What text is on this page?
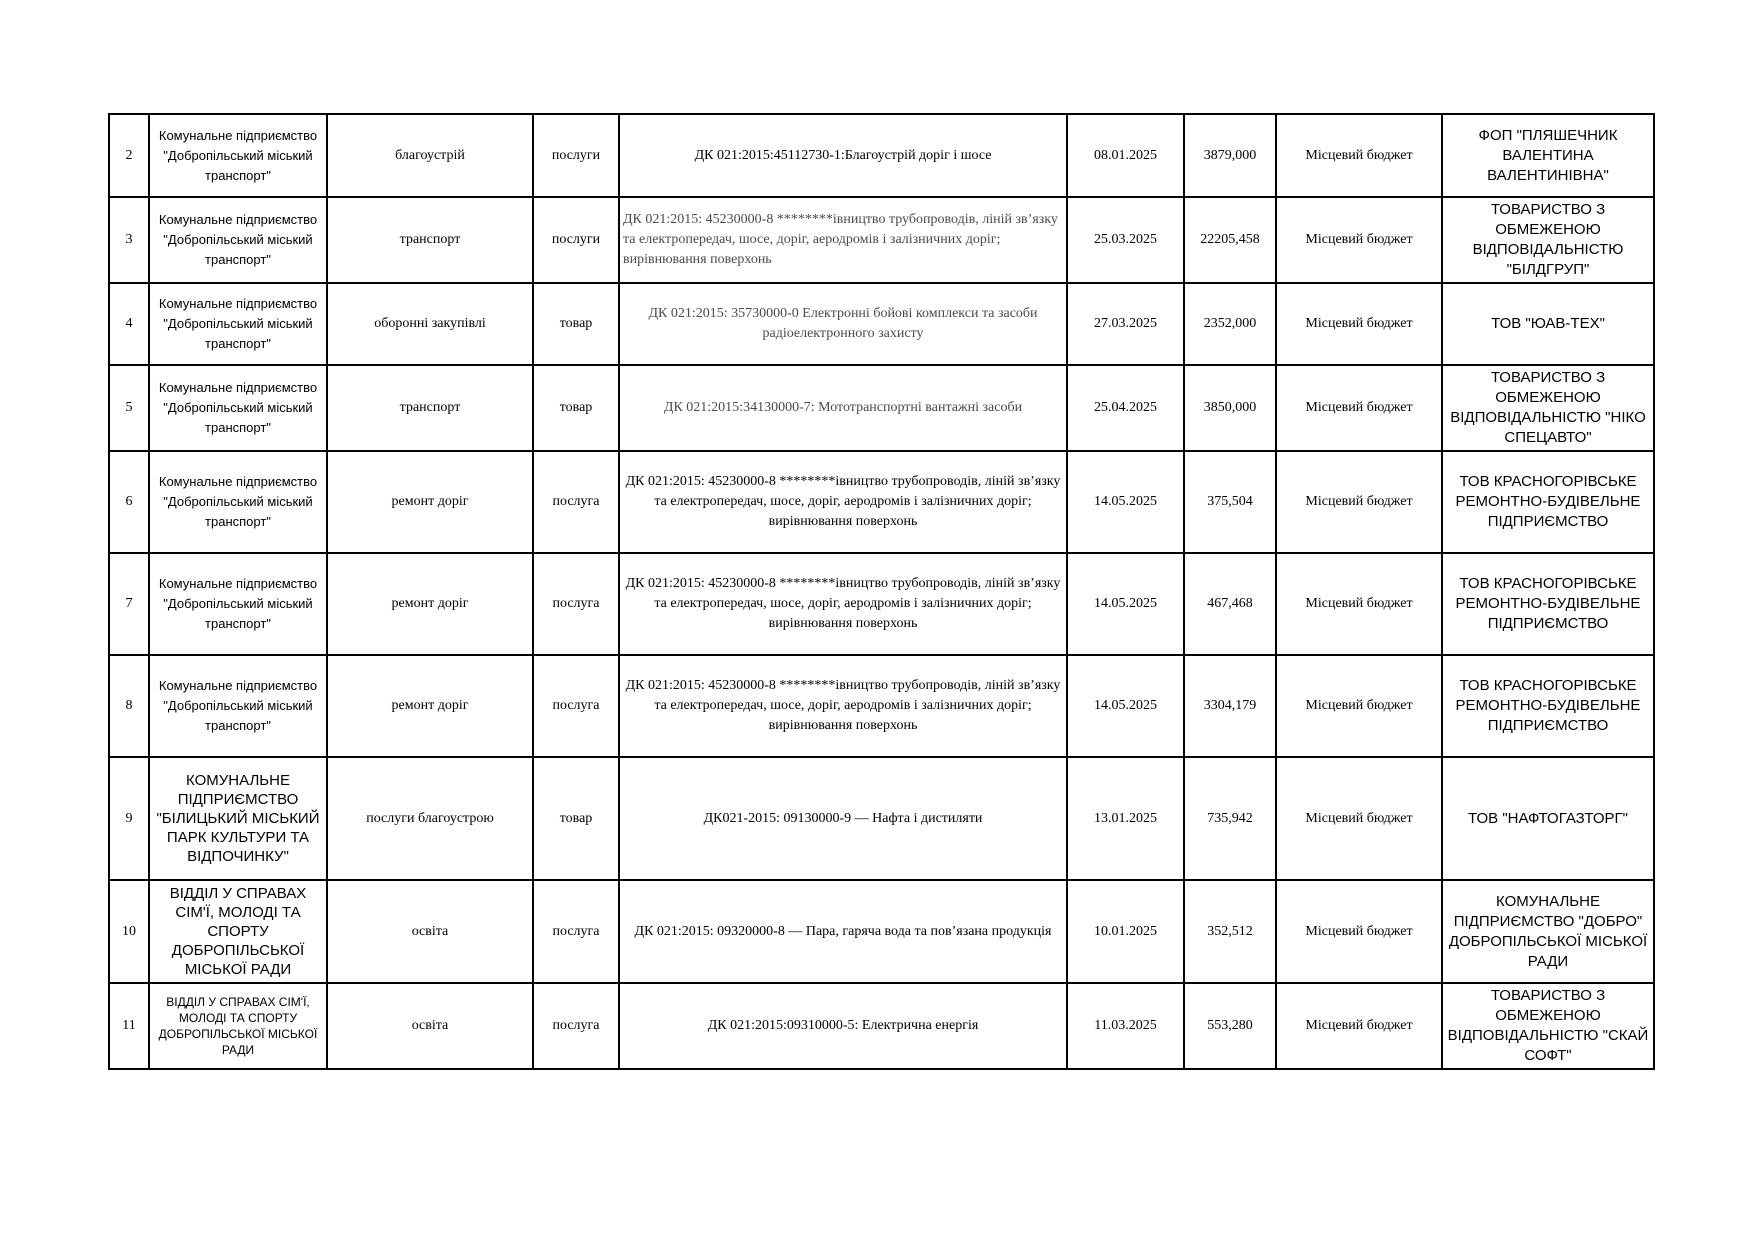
2	Комунальне підприємство "Добропільський міський транспорт"	благоустрій	послуги	ДК 021:2015:45112730-1:Благоустрій доріг і шосе	08.01.2025	3879,000	Місцевий бюджет	ФОП "ПЛЯШЕЧНИК ВАЛЕНТИНА ВАЛЕНТИНІВНА"
3	Комунальне підприємство "Добропільський міський транспорт"	транспорт	послуги	ДК 021:2015: 45230000-8 ********івництво трубопроводів, ліній зв’язку та електропередач, шосе, доріг, аеродромів і залізничних доріг; вирівнювання поверхонь	25.03.2025	22205,458	Місцевий бюджет	ТОВАРИСТВО З ОБМЕЖЕНОЮ ВІДПОВІДАЛЬНІСТЮ "БІЛДГРУП"
4	Комунальне підприємство "Добропільський міський транспорт"	оборонні закупівлі	товар	ДК 021:2015: 35730000-0 Електронні бойові комплекси та засоби радіоелектронного захисту	27.03.2025	2352,000	Місцевий бюджет	ТОВ "ЮАВ-ТЕХ"
5	Комунальне підприємство "Добропільський міський транспорт"	транспорт	товар	ДК 021:2015:34130000-7: Мототранспортні вантажні засоби	25.04.2025	3850,000	Місцевий бюджет	ТОВАРИСТВО З ОБМЕЖЕНОЮ ВІДПОВІДАЛЬНІСТЮ "НІКО СПЕЦАВТО"
6	Комунальне підприємство "Добропільський міський транспорт"	ремонт доріг	послуга	ДК 021:2015: 45230000-8 ********івництво трубопроводів, ліній зв’язку та електропередач, шосе, доріг, аеродромів і залізничних доріг; вирівнювання поверхонь	14.05.2025	375,504	Місцевий бюджет	ТОВ КРАСНОГОРІВСЬКЕ РЕМОНТНО-БУДІВЕЛЬНЕ ПІДПРИЄМСТВО
7	Комунальне підприємство "Добропільський міський транспорт"	ремонт доріг	послуга	ДК 021:2015: 45230000-8 ********івництво трубопроводів, ліній зв’язку та електропередач, шосе, доріг, аеродромів і залізничних доріг; вирівнювання поверхонь	14.05.2025	467,468	Місцевий бюджет	ТОВ КРАСНОГОРІВСЬКЕ РЕМОНТНО-БУДІВЕЛЬНЕ ПІДПРИЄМСТВО
8	Комунальне підприємство "Добропільський міський транспорт"	ремонт доріг	послуга	ДК 021:2015: 45230000-8 ********івництво трубопроводів, ліній зв’язку та електропередач, шосе, доріг, аеродромів і залізничних доріг; вирівнювання поверхонь	14.05.2025	3304,179	Місцевий бюджет	ТОВ КРАСНОГОРІВСЬКЕ РЕМОНТНО-БУДІВЕЛЬНЕ ПІДПРИЄМСТВО
9	КОМУНАЛЬНЕ ПІДПРИЄМСТВО "БІЛИЦЬКИЙ МІСЬКИЙ ПАРК КУЛЬТУРИ ТА ВІДПОЧИНКУ"	послуги благоустрою	товар	ДК021-2015: 09130000-9 — Нафта і дистиляти	13.01.2025	735,942	Місцевий бюджет	ТОВ "НАФТОГАЗТОРГ"
10	ВІДДІЛ У СПРАВАХ СІМ'Ї, МОЛОДІ ТА СПОРТУ ДОБРОПІЛЬСЬКОЇ МІСЬКОЇ РАДИ	освіта	послуга	ДК 021:2015: 09320000-8 — Пара, гаряча вода та пов’язана продукція	10.01.2025	352,512	Місцевий бюджет	КОМУНАЛЬНЕ ПІДПРИЄМСТВО "ДОБРО" ДОБРОПІЛЬСЬКОЇ МІСЬКОЇ РАДИ
11	ВІДДІЛ У СПРАВАХ СІМ'Ї, МОЛОДІ ТА СПОРТУ ДОБРОПІЛЬСЬКОЇ МІСЬКОЇ РАДИ	освіта	послуга	ДК 021:2015:09310000-5: Електрична енергія	11.03.2025	553,280	Місцевий бюджет	ТОВАРИСТВО З ОБМЕЖЕНОЮ ВІДПОВІДАЛЬНІСТЮ "СКАЙ СОФТ"
